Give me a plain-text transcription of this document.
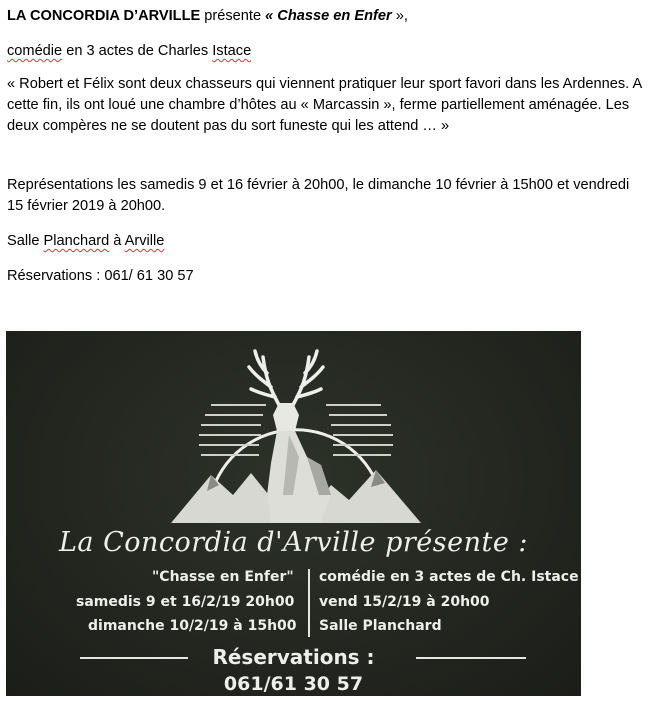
LA CONCORDIA D’ARVILLE présente « Chasse en Enfer »,

comédie en 3 actes de Charles Istace

« Robert et Félix sont deux chasseurs qui viennent pratiquer leur sport favori dans les Ardennes. A cette fin, ils ont loué une chambre d’hôtes au « Marcassin », ferme partiellement aménagée. Les deux compères ne se doutent pas du sort funeste qui les attend … »

Représentations les samedis 9 et 16 février à 20h00, le dimanche 10 février à 15h00 et vendredi 15 février 2019 à 20h00.

Salle Planchard à Arville

Réservations : 061/ 61 30 57

La Concordia d'Arville présente :
"Chasse en Enfer" comédie en 3 actes de Ch. Istace
samedis 9 et 16/2/19 20h00 vend 15/2/19 à 20h00
dimanche 10/2/19 à 15h00 Salle Planchard
Réservations :
061/61 30 57
